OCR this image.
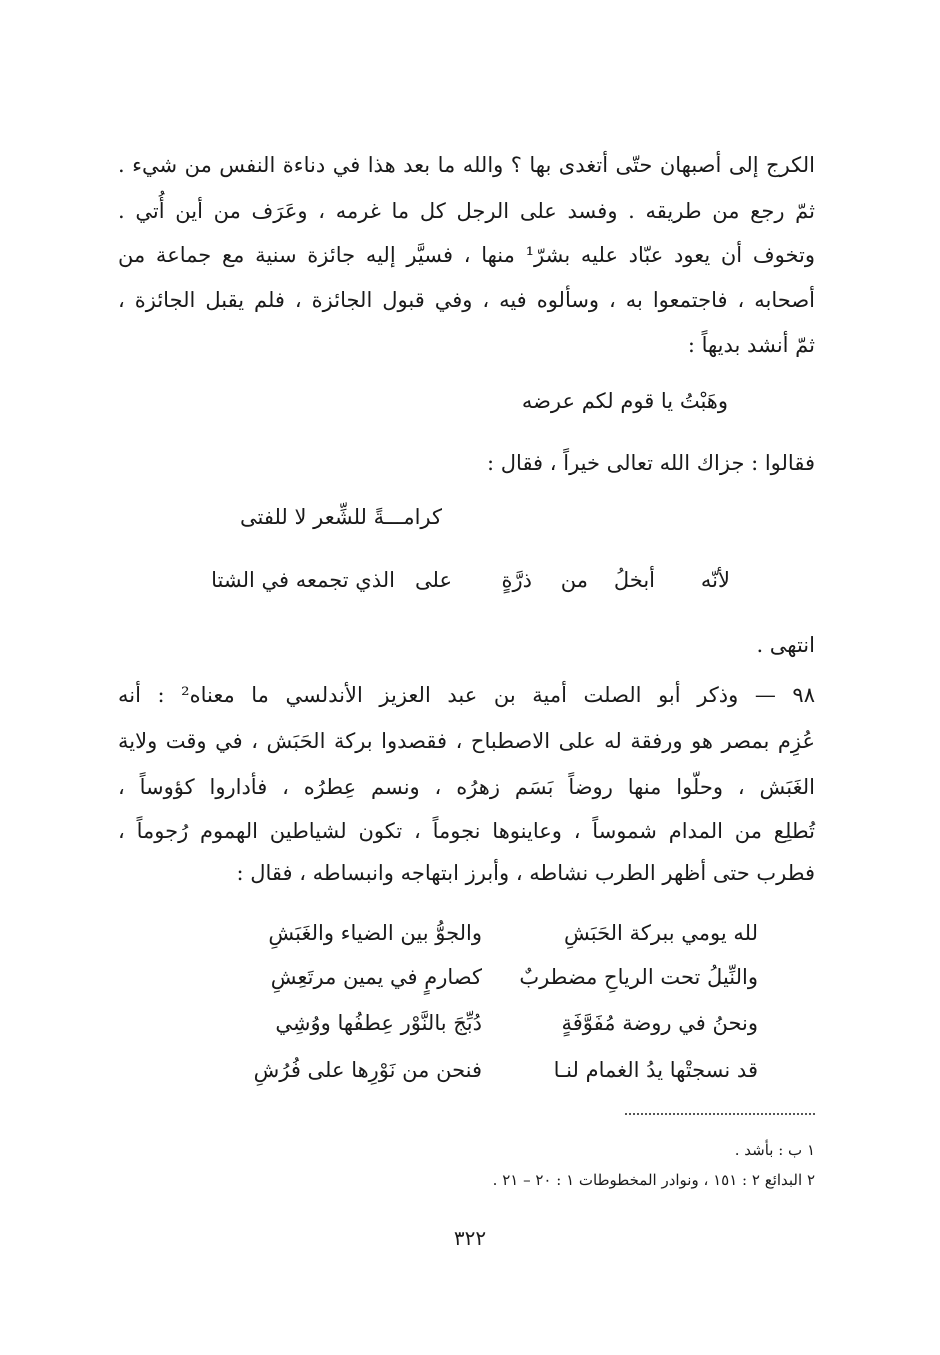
الكرج إلى أصبهان حتّى أتغدى بها ؟ والله ما بعد هذا في دناءة النفس من شيء .
ثمّ رجع من طريقه . وفسد على الرجل كل ما غرمه ، وعَرَف من أين أُتي .
وتخوف أن يعود عبّاد عليه بشرّ¹ منها ، فسيَّر إليه جائزة سنية مع جماعة من
أصحابه ، فاجتمعوا به ، وسألوه فيه ، وفي قبول الجائزة ، فلم يقبل الجائزة ،
ثمّ أنشد بديهاً :
وهَبْتُ يا قوم لكم عرضه
فقالوا : جزاك الله تعالى خيراً ، فقال :
كرامـــةً للشِّعر لا للفتى
لأنّه
أبخلُ
من
ذرَّةٍ
على
الذي تجمعه في الشتا
انتهى .
٩٨ — وذكر أبو الصلت أمية بن عبد العزيز الأندلسي ما معناه² : أنه
عُزِم بمصر هو ورفقة له على الاصطباح ، فقصدوا بركة الحَبَش ، في وقت ولاية
الغَبَش ، وحلّوا منها روضاً بَسَم زهرُه ، ونسم عِطرُه ، فأداروا كؤوساً ،
تُطلِع من المدام شموساً ، وعاينوها نجوماً ، تكون لشياطين الهموم رُجوماً ،
فطرب حتى أظهر الطرب نشاطه ، وأبرز ابتهاجه وانبساطه ، فقال :
لله يومي ببركة الحَبَشِ
والجوُّ بين الضياء والغَبَشِ
والنِّيلُ تحت الرياحِ مضطربٌ
كصارمٍ في يمين مرتَعِشِ
ونحنُ في روضة مُفَوَّفَةٍ
دُبِّجَ بالنَّوْر عِطفُها ووُشِي
قد نسجتْها يدُ الغمام لنـا
فنحن من نَوْرِها على فُرُشِ
١ ب : بأشد .
٢ البدائع ٢ : ١٥١ ، ونوادر المخطوطات ١ : ٢٠ – ٢١ .
٣٢٢
